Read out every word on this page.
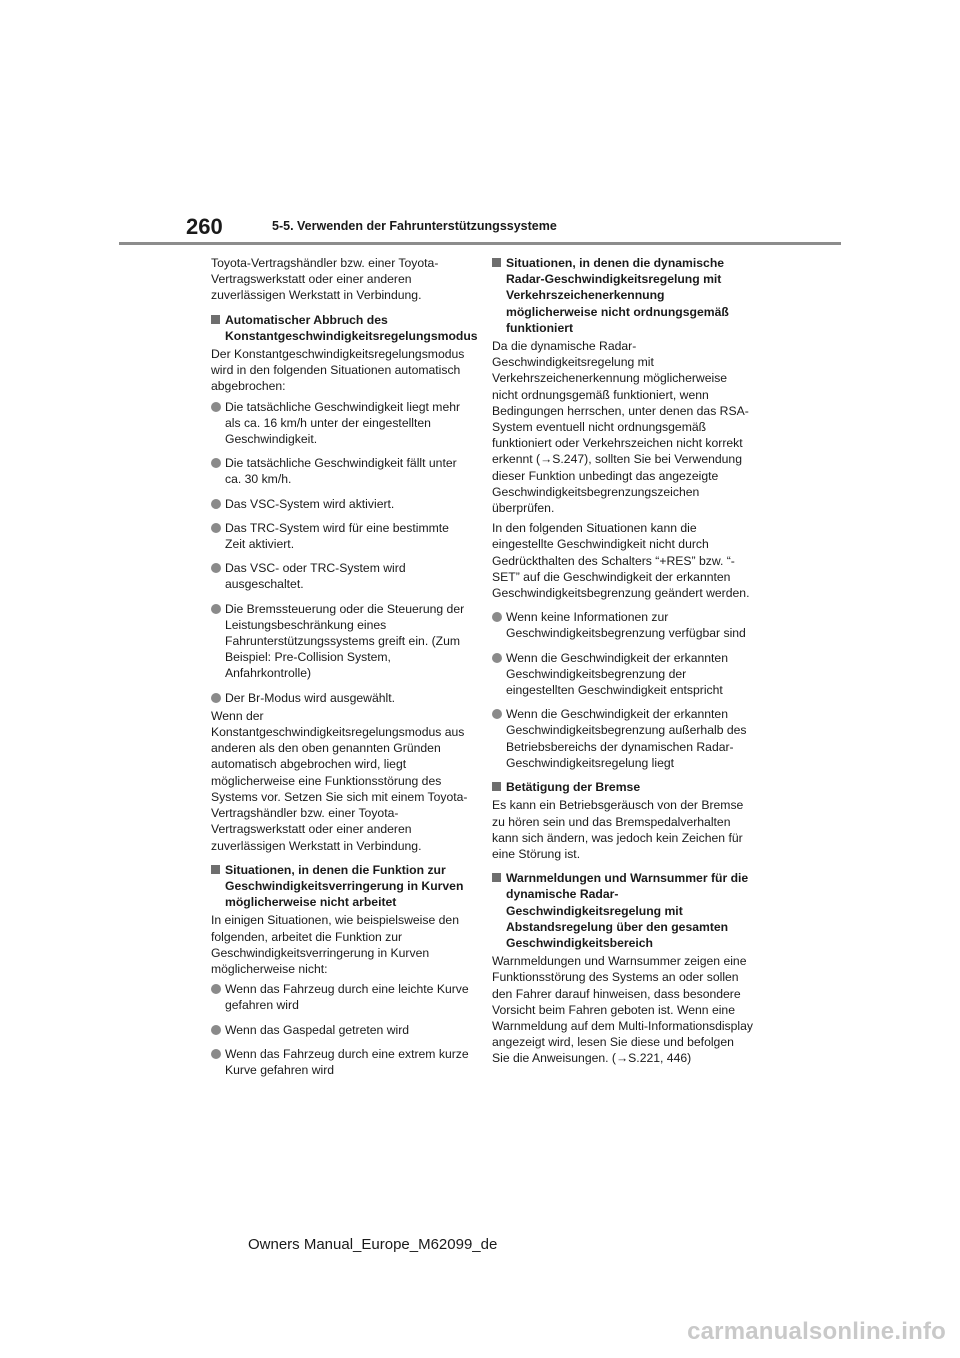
260	5-5. Verwenden der Fahrunterstützungssysteme

Toyota-Vertragshändler bzw. einer Toyota-Vertragswerkstatt oder einer anderen zuverlässigen Werkstatt in Verbindung.

Automatischer Abbruch des Konstantgeschwindigkeitsregelungsmodus

Der Konstantgeschwindigkeitsregelungsmodus wird in den folgenden Situationen automatisch abgebrochen:

Die tatsächliche Geschwindigkeit liegt mehr als ca. 16 km/h unter der eingestellten Geschwindigkeit.
Die tatsächliche Geschwindigkeit fällt unter ca. 30 km/h.
Das VSC-System wird aktiviert.
Das TRC-System wird für eine bestimmte Zeit aktiviert.
Das VSC- oder TRC-System wird ausgeschaltet.
Die Bremssteuerung oder die Steuerung der Leistungsbeschränkung eines Fahrunterstützungssystems greift ein. (Zum Beispiel: Pre-Collision System, Anfahrkontrolle)
Der Br-Modus wird ausgewählt.

Wenn der Konstantgeschwindigkeitsregelungsmodus aus anderen als den oben genannten Gründen automatisch abgebrochen wird, liegt möglicherweise eine Funktionsstörung des Systems vor. Setzen Sie sich mit einem Toyota-Vertragshändler bzw. einer Toyota-Vertragswerkstatt oder einer anderen zuverlässigen Werkstatt in Verbindung.

Situationen, in denen die Funktion zur Geschwindigkeitsverringerung in Kurven möglicherweise nicht arbeitet

In einigen Situationen, wie beispielsweise den folgenden, arbeitet die Funktion zur Geschwindigkeitsverringerung in Kurven möglicherweise nicht:

Wenn das Fahrzeug durch eine leichte Kurve gefahren wird
Wenn das Gaspedal getreten wird
Wenn das Fahrzeug durch eine extrem kurze Kurve gefahren wird
Situationen, in denen die dynamische Radar-Geschwindigkeitsregelung mit Verkehrszeichenerkennung möglicherweise nicht ordnungsgemäß funktioniert

Da die dynamische Radar-Geschwindigkeitsregelung mit Verkehrszeichenerkennung möglicherweise nicht ordnungsgemäß funktioniert, wenn Bedingungen herrschen, unter denen das RSA-System eventuell nicht ordnungsgemäß funktioniert oder Verkehrszeichen nicht korrekt erkennt (→S.247), sollten Sie bei Verwendung dieser Funktion unbedingt das angezeigte Geschwindigkeitsbegrenzungszeichen überprüfen.

In den folgenden Situationen kann die eingestellte Geschwindigkeit nicht durch Gedrückthalten des Schalters “+RES” bzw. “-SET” auf die Geschwindigkeit der erkannten Geschwindigkeitsbegrenzung geändert werden.

Wenn keine Informationen zur Geschwindigkeitsbegrenzung verfügbar sind
Wenn die Geschwindigkeit der erkannten Geschwindigkeitsbegrenzung der eingestellten Geschwindigkeit entspricht
Wenn die Geschwindigkeit der erkannten Geschwindigkeitsbegrenzung außerhalb des Betriebsbereichs der dynamischen Radar-Geschwindigkeitsregelung liegt
Betätigung der Bremse

Es kann ein Betriebsgeräusch von der Bremse zu hören sein und das Bremspedalverhalten kann sich ändern, was jedoch kein Zeichen für eine Störung ist.

Warnmeldungen und Warnsummer für die dynamische Radar-Geschwindigkeitsregelung mit Abstandsregelung über den gesamten Geschwindigkeitsbereich

Warnmeldungen und Warnsummer zeigen eine Funktionsstörung des Systems an oder sollen den Fahrer darauf hinweisen, dass besondere Vorsicht beim Fahren geboten ist. Wenn eine Warnmeldung auf dem Multi-Informationsdisplay angezeigt wird, lesen Sie diese und befolgen Sie die Anweisungen. (→S.221, 446)

Owners Manual_Europe_M62099_de
carmanualsonline.info
